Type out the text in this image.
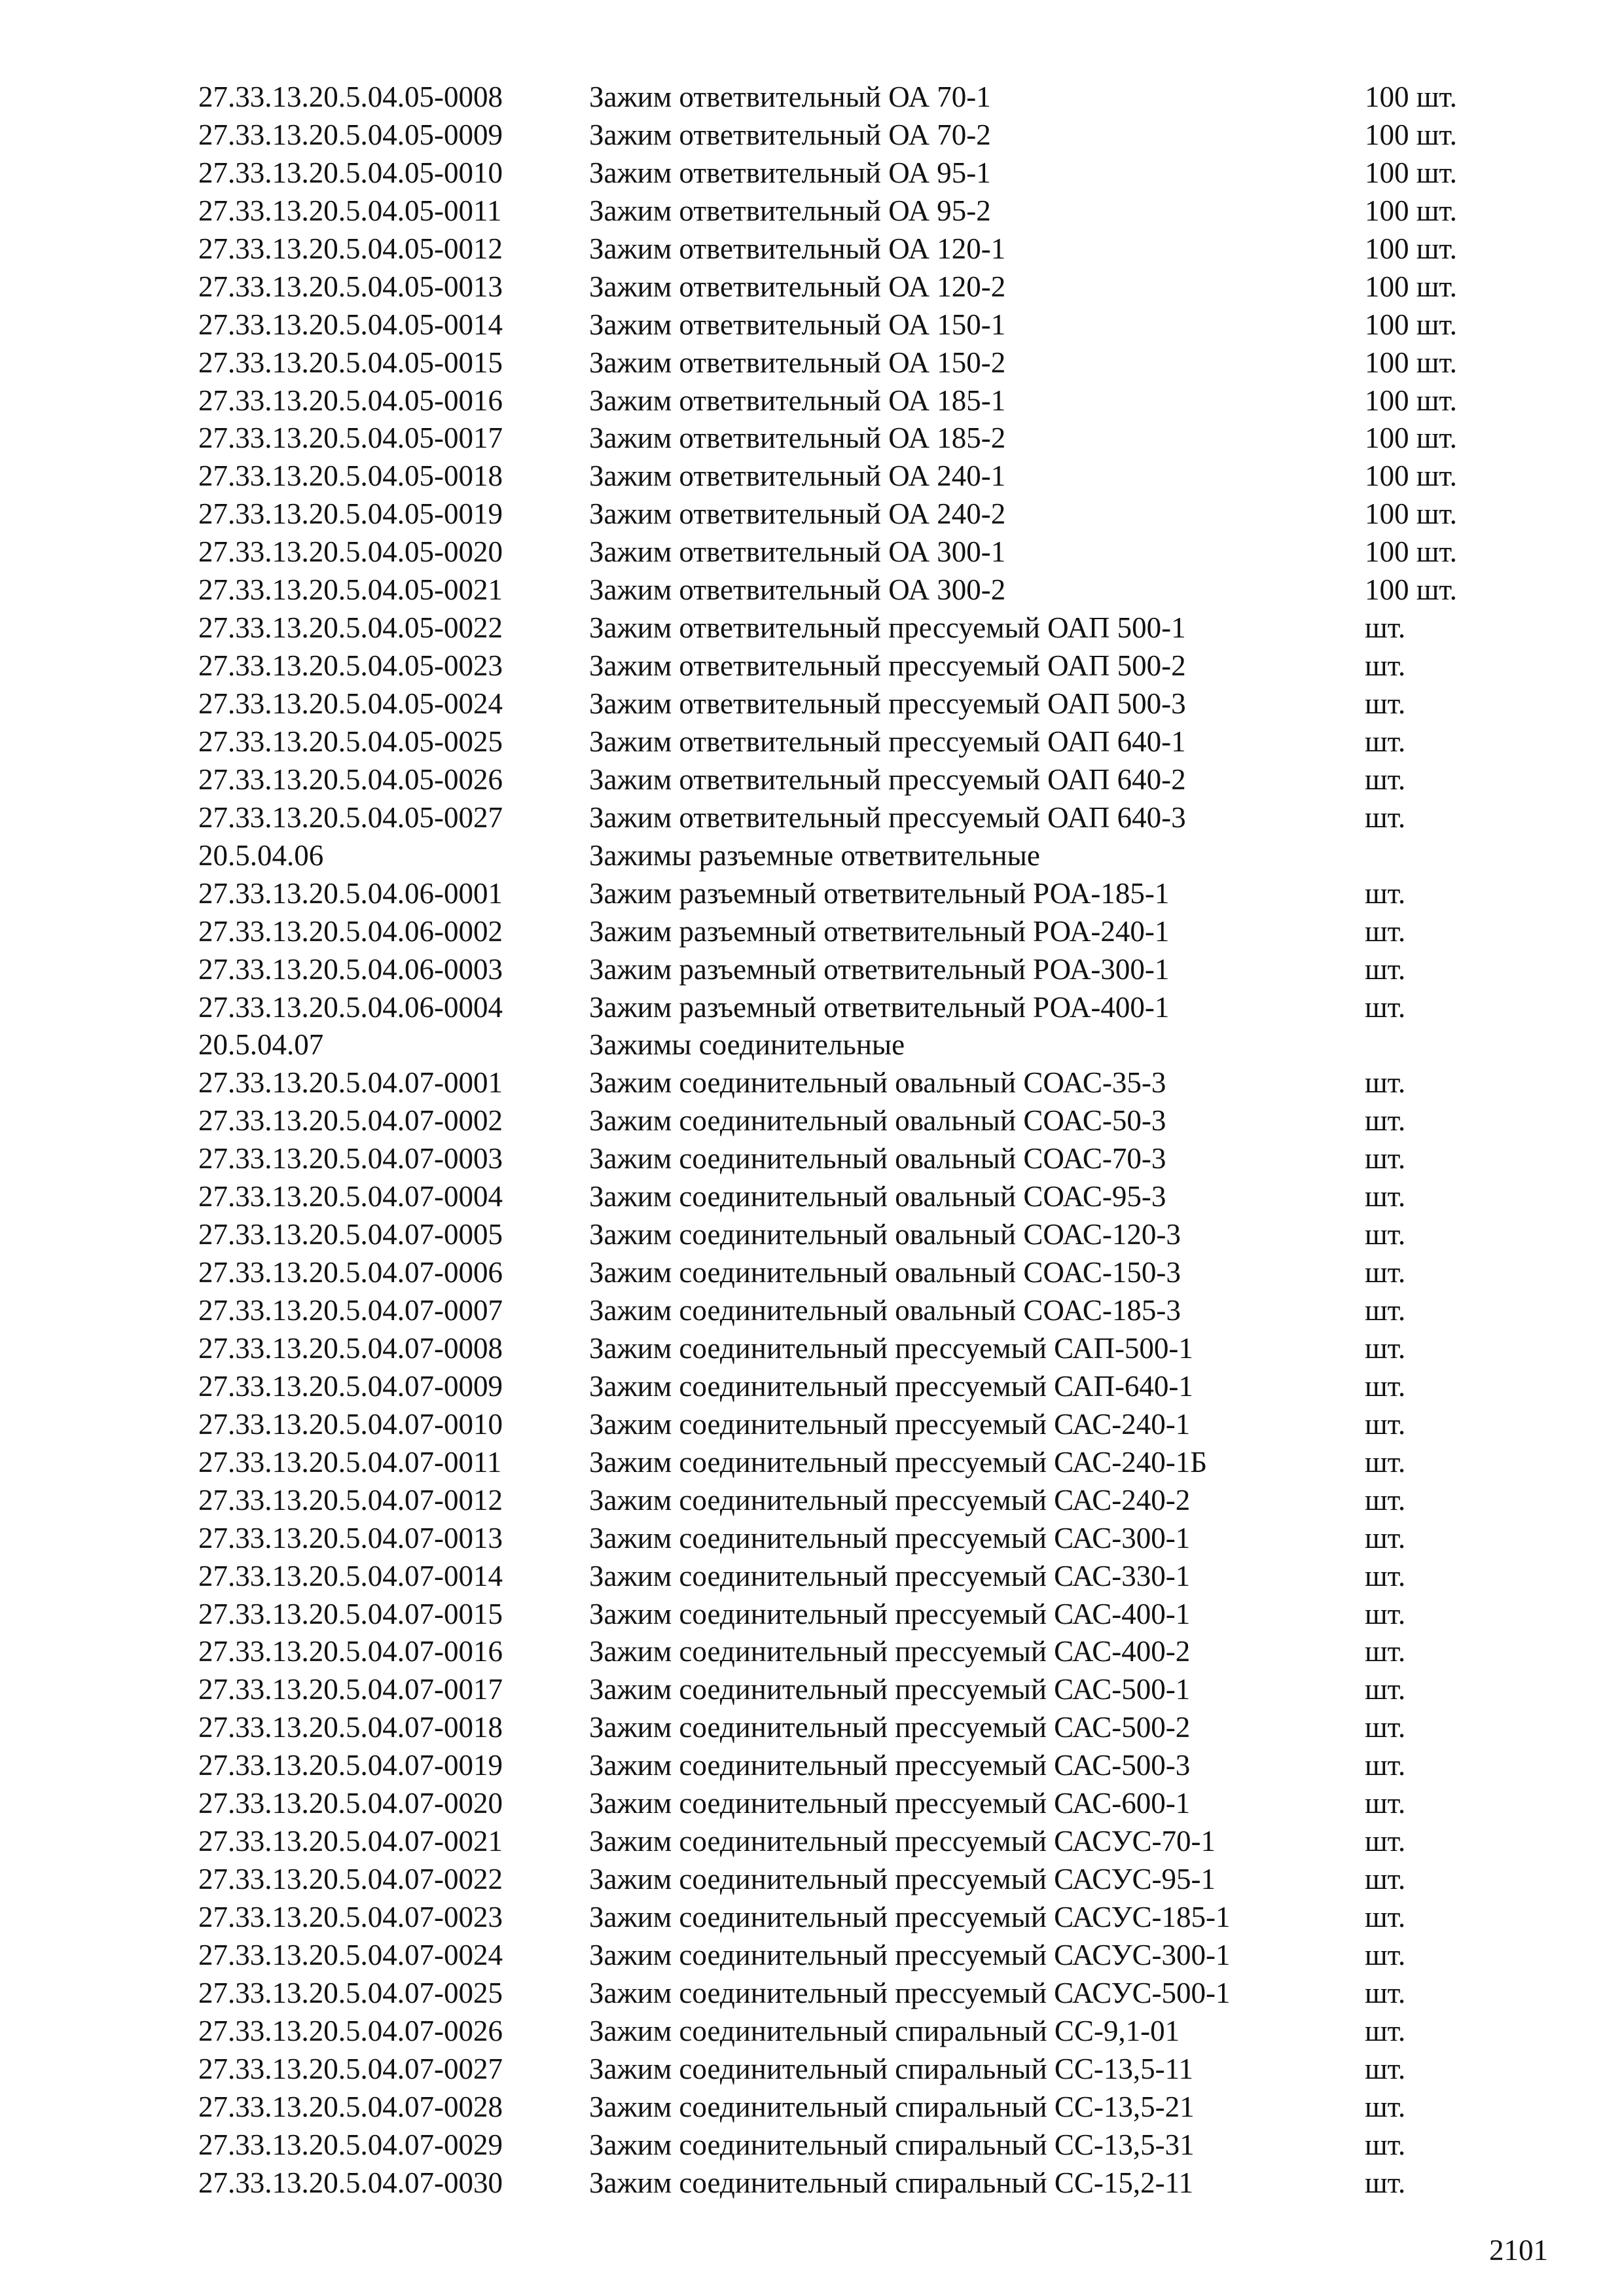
27.33.13.20.5.04.05-0008	Зажим ответвительный ОА 70-1	100 шт.
27.33.13.20.5.04.05-0009	Зажим ответвительный ОА 70-2	100 шт.
27.33.13.20.5.04.05-0010	Зажим ответвительный ОА 95-1	100 шт.
27.33.13.20.5.04.05-0011	Зажим ответвительный ОА 95-2	100 шт.
27.33.13.20.5.04.05-0012	Зажим ответвительный ОА 120-1	100 шт.
27.33.13.20.5.04.05-0013	Зажим ответвительный ОА 120-2	100 шт.
27.33.13.20.5.04.05-0014	Зажим ответвительный ОА 150-1	100 шт.
27.33.13.20.5.04.05-0015	Зажим ответвительный ОА 150-2	100 шт.
27.33.13.20.5.04.05-0016	Зажим ответвительный ОА 185-1	100 шт.
27.33.13.20.5.04.05-0017	Зажим ответвительный ОА 185-2	100 шт.
27.33.13.20.5.04.05-0018	Зажим ответвительный ОА 240-1	100 шт.
27.33.13.20.5.04.05-0019	Зажим ответвительный ОА 240-2	100 шт.
27.33.13.20.5.04.05-0020	Зажим ответвительный ОА 300-1	100 шт.
27.33.13.20.5.04.05-0021	Зажим ответвительный ОА 300-2	100 шт.
27.33.13.20.5.04.05-0022	Зажим ответвительный прессуемый ОАП 500-1	шт.
27.33.13.20.5.04.05-0023	Зажим ответвительный прессуемый ОАП 500-2	шт.
27.33.13.20.5.04.05-0024	Зажим ответвительный прессуемый ОАП 500-3	шт.
27.33.13.20.5.04.05-0025	Зажим ответвительный прессуемый ОАП 640-1	шт.
27.33.13.20.5.04.05-0026	Зажим ответвительный прессуемый ОАП 640-2	шт.
27.33.13.20.5.04.05-0027	Зажим ответвительный прессуемый ОАП 640-3	шт.
20.5.04.06	Зажимы разъемные ответвительные
27.33.13.20.5.04.06-0001	Зажим разъемный ответвительный РОА-185-1	шт.
27.33.13.20.5.04.06-0002	Зажим разъемный ответвительный РОА-240-1	шт.
27.33.13.20.5.04.06-0003	Зажим разъемный ответвительный РОА-300-1	шт.
27.33.13.20.5.04.06-0004	Зажим разъемный ответвительный РОА-400-1	шт.
20.5.04.07	Зажимы соединительные
27.33.13.20.5.04.07-0001	Зажим соединительный овальный СОАС-35-3	шт.
27.33.13.20.5.04.07-0002	Зажим соединительный овальный СОАС-50-3	шт.
27.33.13.20.5.04.07-0003	Зажим соединительный овальный СОАС-70-3	шт.
27.33.13.20.5.04.07-0004	Зажим соединительный овальный СОАС-95-3	шт.
27.33.13.20.5.04.07-0005	Зажим соединительный овальный СОАС-120-3	шт.
27.33.13.20.5.04.07-0006	Зажим соединительный овальный СОАС-150-3	шт.
27.33.13.20.5.04.07-0007	Зажим соединительный овальный СОАС-185-3	шт.
27.33.13.20.5.04.07-0008	Зажим соединительный прессуемый САП-500-1	шт.
27.33.13.20.5.04.07-0009	Зажим соединительный прессуемый САП-640-1	шт.
27.33.13.20.5.04.07-0010	Зажим соединительный прессуемый САС-240-1	шт.
27.33.13.20.5.04.07-0011	Зажим соединительный прессуемый САС-240-1Б	шт.
27.33.13.20.5.04.07-0012	Зажим соединительный прессуемый САС-240-2	шт.
27.33.13.20.5.04.07-0013	Зажим соединительный прессуемый САС-300-1	шт.
27.33.13.20.5.04.07-0014	Зажим соединительный прессуемый САС-330-1	шт.
27.33.13.20.5.04.07-0015	Зажим соединительный прессуемый САС-400-1	шт.
27.33.13.20.5.04.07-0016	Зажим соединительный прессуемый САС-400-2	шт.
27.33.13.20.5.04.07-0017	Зажим соединительный прессуемый САС-500-1	шт.
27.33.13.20.5.04.07-0018	Зажим соединительный прессуемый САС-500-2	шт.
27.33.13.20.5.04.07-0019	Зажим соединительный прессуемый САС-500-3	шт.
27.33.13.20.5.04.07-0020	Зажим соединительный прессуемый САС-600-1	шт.
27.33.13.20.5.04.07-0021	Зажим соединительный прессуемый САСУС-70-1	шт.
27.33.13.20.5.04.07-0022	Зажим соединительный прессуемый САСУС-95-1	шт.
27.33.13.20.5.04.07-0023	Зажим соединительный прессуемый САСУС-185-1	шт.
27.33.13.20.5.04.07-0024	Зажим соединительный прессуемый САСУС-300-1	шт.
27.33.13.20.5.04.07-0025	Зажим соединительный прессуемый САСУС-500-1	шт.
27.33.13.20.5.04.07-0026	Зажим соединительный спиральный СС-9,1-01	шт.
27.33.13.20.5.04.07-0027	Зажим соединительный спиральный СС-13,5-11	шт.
27.33.13.20.5.04.07-0028	Зажим соединительный спиральный СС-13,5-21	шт.
27.33.13.20.5.04.07-0029	Зажим соединительный спиральный СС-13,5-31	шт.
27.33.13.20.5.04.07-0030	Зажим соединительный спиральный СС-15,2-11	шт.
2101
